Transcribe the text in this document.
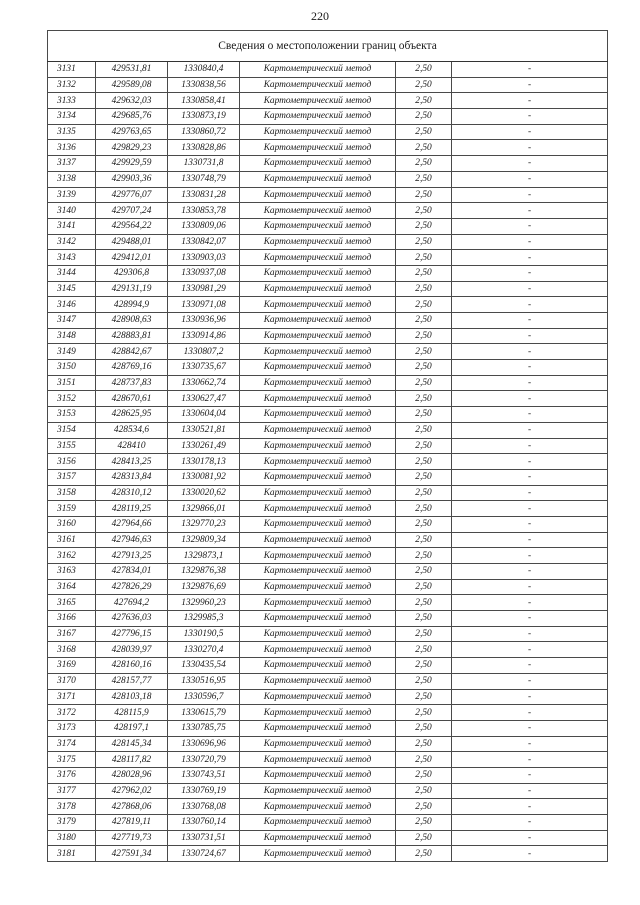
220
Сведения о местоположении границ объекта					
3131	429531,81	1330840,4	Картометрический метод	2,50	-
3132	429589,08	1330838,56	Картометрический метод	2,50	-
3133	429632,03	1330858,41	Картометрический метод	2,50	-
3134	429685,76	1330873,19	Картометрический метод	2,50	-
3135	429763,65	1330860,72	Картометрический метод	2,50	-
3136	429829,23	1330828,86	Картометрический метод	2,50	-
3137	429929,59	1330731,8	Картометрический метод	2,50	-
3138	429903,36	1330748,79	Картометрический метод	2,50	-
3139	429776,07	1330831,28	Картометрический метод	2,50	-
3140	429707,24	1330853,78	Картометрический метод	2,50	-
3141	429564,22	1330809,06	Картометрический метод	2,50	-
3142	429488,01	1330842,07	Картометрический метод	2,50	-
3143	429412,01	1330903,03	Картометрический метод	2,50	-
3144	429306,8	1330937,08	Картометрический метод	2,50	-
3145	429131,19	1330981,29	Картометрический метод	2,50	-
3146	428994,9	1330971,08	Картометрический метод	2,50	-
3147	428908,63	1330936,96	Картометрический метод	2,50	-
3148	428883,81	1330914,86	Картометрический метод	2,50	-
3149	428842,67	1330807,2	Картометрический метод	2,50	-
3150	428769,16	1330735,67	Картометрический метод	2,50	-
3151	428737,83	1330662,74	Картометрический метод	2,50	-
3152	428670,61	1330627,47	Картометрический метод	2,50	-
3153	428625,95	1330604,04	Картометрический метод	2,50	-
3154	428534,6	1330521,81	Картометрический метод	2,50	-
3155	428410	1330261,49	Картометрический метод	2,50	-
3156	428413,25	1330178,13	Картометрический метод	2,50	-
3157	428313,84	1330081,92	Картометрический метод	2,50	-
3158	428310,12	1330020,62	Картометрический метод	2,50	-
3159	428119,25	1329866,01	Картометрический метод	2,50	-
3160	427964,66	1329770,23	Картометрический метод	2,50	-
3161	427946,63	1329809,34	Картометрический метод	2,50	-
3162	427913,25	1329873,1	Картометрический метод	2,50	-
3163	427834,01	1329876,38	Картометрический метод	2,50	-
3164	427826,29	1329876,69	Картометрический метод	2,50	-
3165	427694,2	1329960,23	Картометрический метод	2,50	-
3166	427636,03	1329985,3	Картометрический метод	2,50	-
3167	427796,15	1330190,5	Картометрический метод	2,50	-
3168	428039,97	1330270,4	Картометрический метод	2,50	-
3169	428160,16	1330435,54	Картометрический метод	2,50	-
3170	428157,77	1330516,95	Картометрический метод	2,50	-
3171	428103,18	1330596,7	Картометрический метод	2,50	-
3172	428115,9	1330615,79	Картометрический метод	2,50	-
3173	428197,1	1330785,75	Картометрический метод	2,50	-
3174	428145,34	1330696,96	Картометрический метод	2,50	-
3175	428117,82	1330720,79	Картометрический метод	2,50	-
3176	428028,96	1330743,51	Картометрический метод	2,50	-
3177	427962,02	1330769,19	Картометрический метод	2,50	-
3178	427868,06	1330768,08	Картометрический метод	2,50	-
3179	427819,11	1330760,14	Картометрический метод	2,50	-
3180	427719,73	1330731,51	Картометрический метод	2,50	-
3181	427591,34	1330724,67	Картометрический метод	2,50	-
